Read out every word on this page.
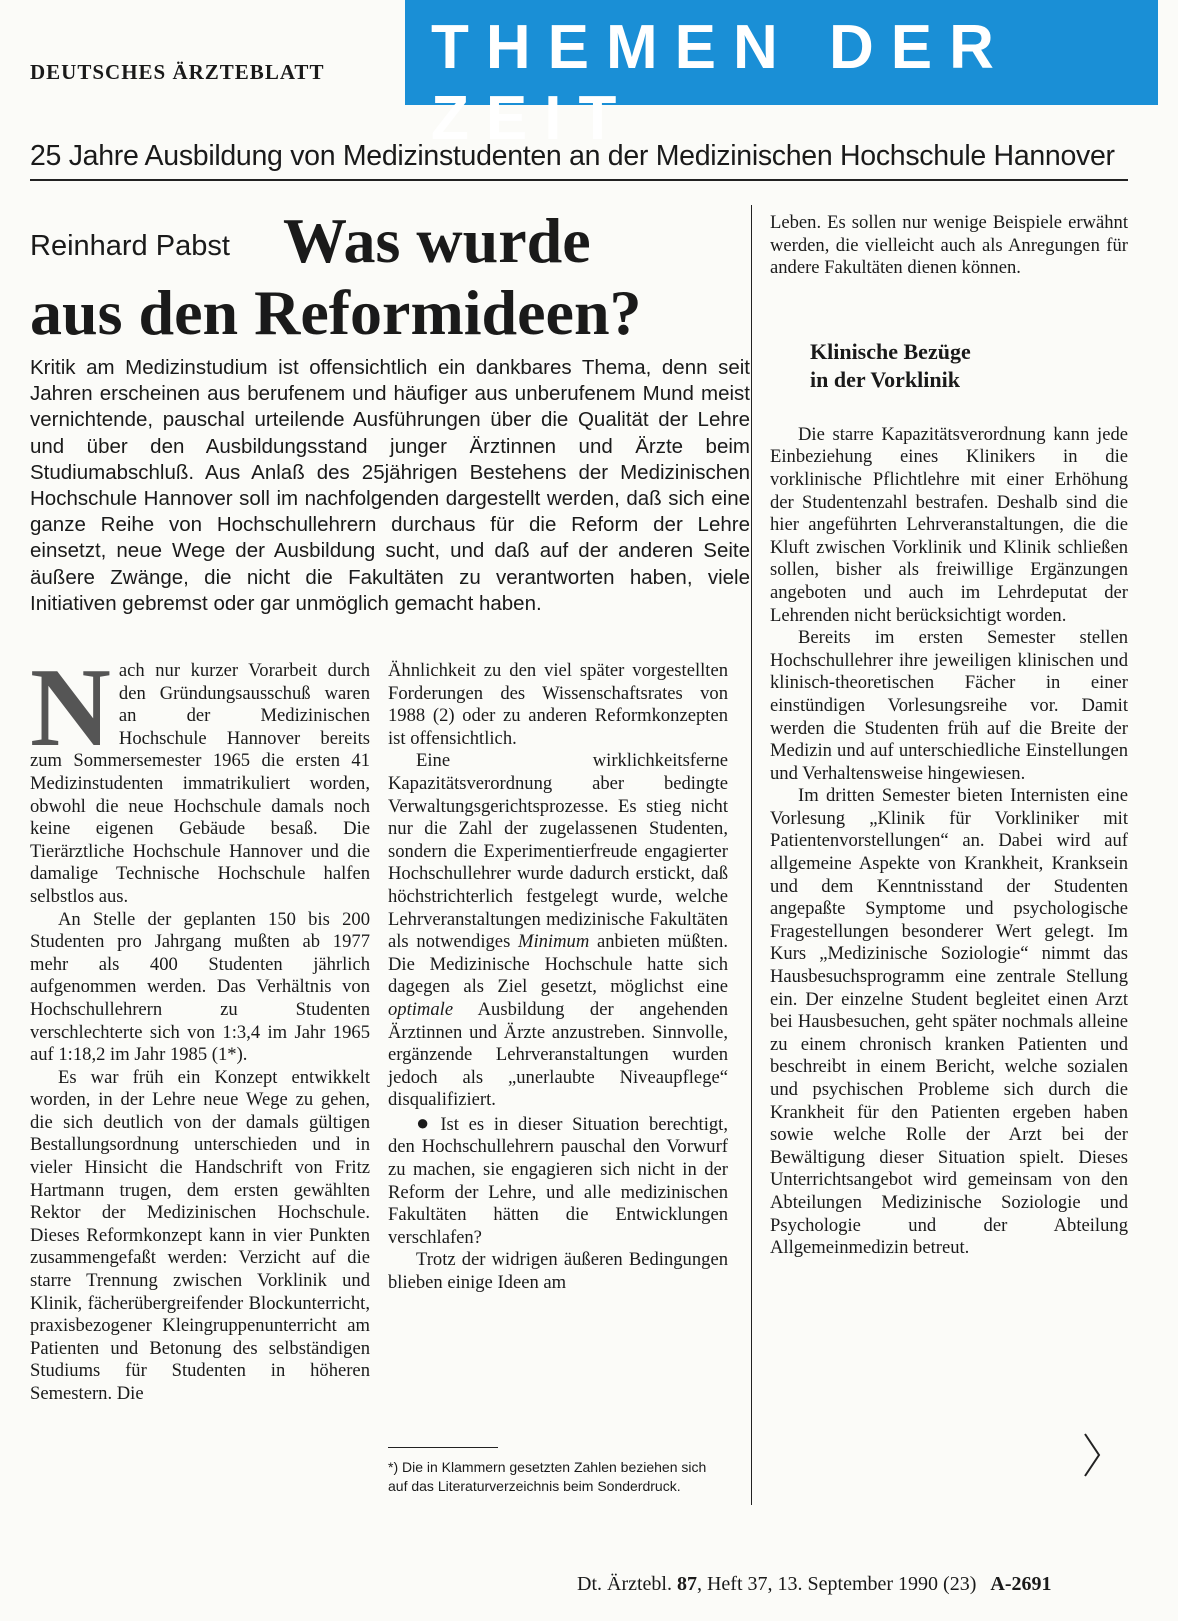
DEUTSCHES ÄRZTEBLATT THEMEN DER ZEIT
25 Jahre Ausbildung von Medizinstudenten an der Medizinischen Hochschule Hannover
Reinhard Pabst Was wurde
aus den Reformideen?
Kritik am Medizinstudium ist offensichtlich ein dankbares Thema, denn seit Jahren erscheinen aus berufenem und häufiger aus unberufenem Mund meist vernichtende, pauschal urteilende Ausführungen über die Qualität der Lehre und über den Ausbildungsstand junger Ärztinnen und Ärzte beim Studiumabschluß. Aus Anlaß des 25jährigen Bestehens der Medizinischen Hochschule Hannover soll im nachfolgenden dargestellt werden, daß sich eine ganze Reihe von Hochschullehrern durchaus für die Reform der Lehre einsetzt, neue Wege der Ausbildung sucht, und daß auf der anderen Seite äußere Zwänge, die nicht die Fakultäten zu verantworten haben, viele Initiativen gebremst oder gar unmöglich gemacht haben.
N ach nur kurzer Vorarbeit durch den Gründungsausschuß waren an der Medizinischen Hochschule Hannover bereits zum Sommersemester 1965 die ersten 41 Medizinstudenten immatrikuliert worden, obwohl die neue Hochschule damals noch keine eigenen Gebäude besaß. Die Tierärztliche Hochschule Hannover und die damalige Technische Hochschule halfen selbstlos aus.

An Stelle der geplanten 150 bis 200 Studenten pro Jahrgang mußten ab 1977 mehr als 400 Studenten jährlich aufgenommen werden. Das Verhältnis von Hochschullehrern zu Studenten verschlechterte sich von 1:3,4 im Jahr 1965 auf 1:18,2 im Jahr 1985 (1*).

Es war früh ein Konzept entwikkelt worden, in der Lehre neue Wege zu gehen, die sich deutlich von der damals gültigen Bestallungsordnung unterschieden und in vieler Hinsicht die Handschrift von Fritz Hartmann trugen, dem ersten gewählten Rektor der Medizinischen Hochschule. Dieses Reformkonzept kann in vier Punkten zusammengefaßt werden: Verzicht auf die starre Trennung zwischen Vorklinik und Klinik, fächerübergreifender Blockunterricht, praxisbezogener Kleingruppenunterricht am Patienten und Betonung des selbständigen Studiums für Studenten in höheren Semestern. Die

Ähnlichkeit zu den viel später vorgestellten Forderungen des Wissenschaftsrates von 1988 (2) oder zu anderen Reformkonzepten ist offensichtlich.

Eine wirklichkeitsferne Kapazitätsverordnung aber bedingte Verwaltungsgerichtsprozesse. Es stieg nicht nur die Zahl der zugelassenen Studenten, sondern die Experimentierfreude engagierter Hochschullehrer wurde dadurch erstickt, daß höchstrichterlich festgelegt wurde, welche Lehrveranstaltungen medizinische Fakultäten als notwendiges Minimum anbieten müßten. Die Medizinische Hochschule hatte sich dagegen als Ziel gesetzt, möglichst eine optimale Ausbildung der angehenden Ärztinnen und Ärzte anzustreben. Sinnvolle, ergänzende Lehrveranstaltungen wurden jedoch als „unerlaubte Niveaupflege“ disqualifiziert.

● Ist es in dieser Situation berechtigt, den Hochschullehrern pauschal den Vorwurf zu machen, sie engagieren sich nicht in der Reform der Lehre, und alle medizinischen Fakultäten hätten die Entwicklungen verschlafen?

Trotz der widrigen äußeren Bedingungen blieben einige Ideen am

Leben. Es sollen nur wenige Beispiele erwähnt werden, die vielleicht auch als Anregungen für andere Fakultäten dienen können.

Klinische Bezüge
in der Vorklinik

Die starre Kapazitätsverordnung kann jede Einbeziehung eines Klinikers in die vorklinische Pflichtlehre mit einer Erhöhung der Studentenzahl bestrafen. Deshalb sind die hier angeführten Lehrveranstaltungen, die die Kluft zwischen Vorklinik und Klinik schließen sollen, bisher als freiwillige Ergänzungen angeboten und auch im Lehrdeputat der Lehrenden nicht berücksichtigt worden.

Bereits im ersten Semester stellen Hochschullehrer ihre jeweiligen klinischen und klinisch-theoretischen Fächer in einer einstündigen Vorlesungsreihe vor. Damit werden die Studenten früh auf die Breite der Medizin und auf unterschiedliche Einstellungen und Verhaltensweise hingewiesen.

Im dritten Semester bieten Internisten eine Vorlesung „Klinik für Vorkliniker mit Patientenvorstellungen“ an. Dabei wird auf allgemeine Aspekte von Krankheit, Kranksein und dem Kenntnisstand der Studenten angepaßte Symptome und psychologische Fragestellungen besonderer Wert gelegt. Im Kurs „Medizinische Soziologie“ nimmt das Hausbesuchsprogramm eine zentrale Stellung ein. Der einzelne Student begleitet einen Arzt bei Hausbesuchen, geht später nochmals alleine zu einem chronisch kranken Patienten und beschreibt in einem Bericht, welche sozialen und psychischen Probleme sich durch die Krankheit für den Patienten ergeben haben sowie welche Rolle der Arzt bei der Bewältigung dieser Situation spielt. Dieses Unterrichtsangebot wird gemeinsam von den Abteilungen Medizinische Soziologie und Psychologie und der Abteilung Allgemeinmedizin betreut.

*) Die in Klammern gesetzten Zahlen beziehen sich auf das Literaturverzeichnis beim Sonderdruck.
Dt. Ärztebl. 87, Heft 37, 13. September 1990 (23) A-2691
